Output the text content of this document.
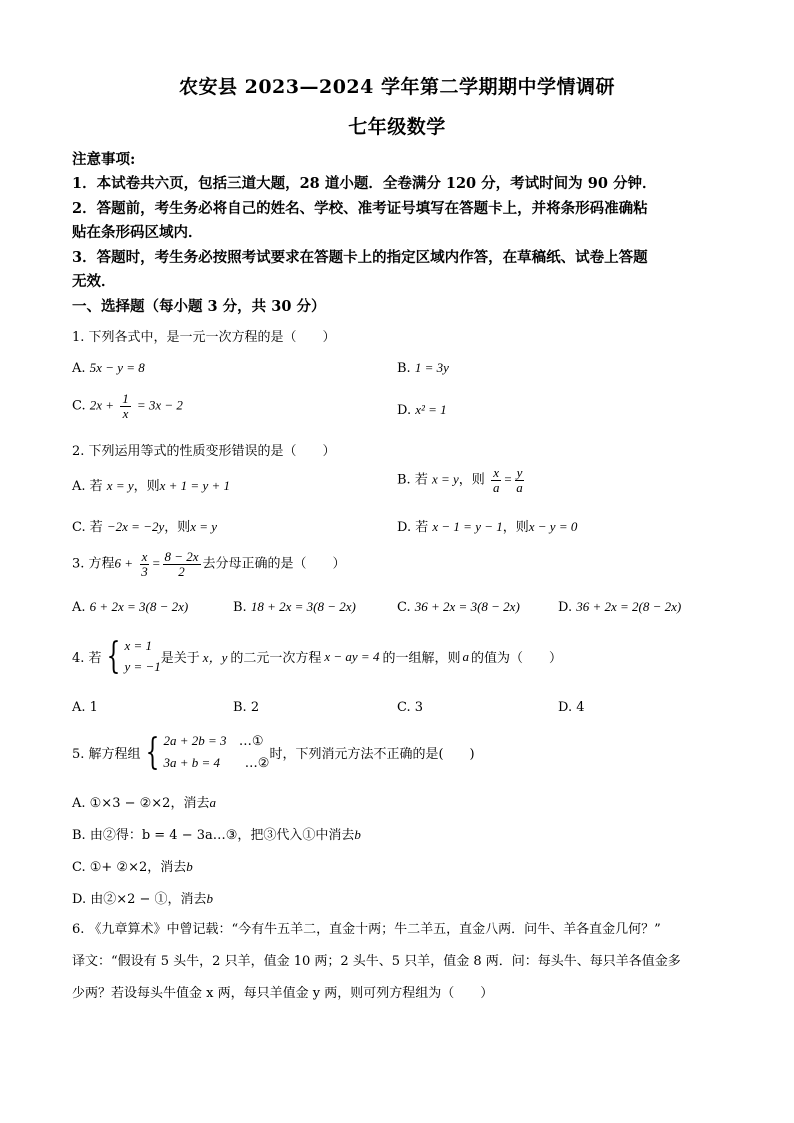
农安县 2023—2024 学年第二学期期中学情调研
七年级数学
注意事项:
1．本试卷共六页，包括三道大题，28 道小题．全卷满分 120 分，考试时间为 90 分钟．
2．答题前，考生务必将自己的姓名、学校、准考证号填写在答题卡上，并将条形码准确粘
贴在条形码区域内．
3．答题时，考生务必按照考试要求在答题卡上的指定区域内作答，在草稿纸、试卷上答题
无效．
一、选择题（每小题 3 分，共 30 分）
1. 下列各式中，是一元一次方程的是（　　）
A. 5x − y = 8	B. 1 = 3y
C. $2x + \frac{1}{x} = 3x - 2$	D. x² = 1
2. 下列运用等式的性质变形错误的是（　　）
A. 若 x = y，则x + 1 = y + 1	B. 若 x = y，则 $\frac{x}{a} = \frac{y}{a}$
C. 若 −2x = −2y，则x = y	D. 若 x − 1 = y − 1，则x − y = 0
3. 方程$6 + \frac{x}{3} = \frac{8 - 2x}{2}$ 去分母正确的是（　　）
A. 6 + 2x = 3(8 − 2x)	B. 18 + 2x = 3(8 − 2x)	C. 36 + 2x = 3(8 − 2x)	D. 36 + 2x = 2(8 − 2x)
4. 若 { x = 1
y = −1 是关于 x，y 的二元一次方程 x − ay = 4 的一组解，则 a 的值为（　　）
A. 1	B. 2	C. 3	D. 4
5. 解方程组 { 2a + 2b = 3 …①
3a + b = 4 …②
时，下列消元方法不正确的是(　　)
A. ①×3 − ②×2，消去a
B. 由②得：b = 4 − 3a…③，把③代入①中消去b
C. ①+ ②×2，消去b
D. 由②×2 − ①，消去b
6. 《九章算术》中曾记载：“今有牛五羊二，直金十两；牛二羊五，直金八两．问牛、羊各直金几何？”
译文：“假设有 5 头牛，2 只羊，值金 10 两；2 头牛、5 只羊，值金 8 两．问：每头牛、每只羊各值金多
少两？若设每头牛值金 x 两，每只羊值金 y 两，则可列方程组为（　　）
